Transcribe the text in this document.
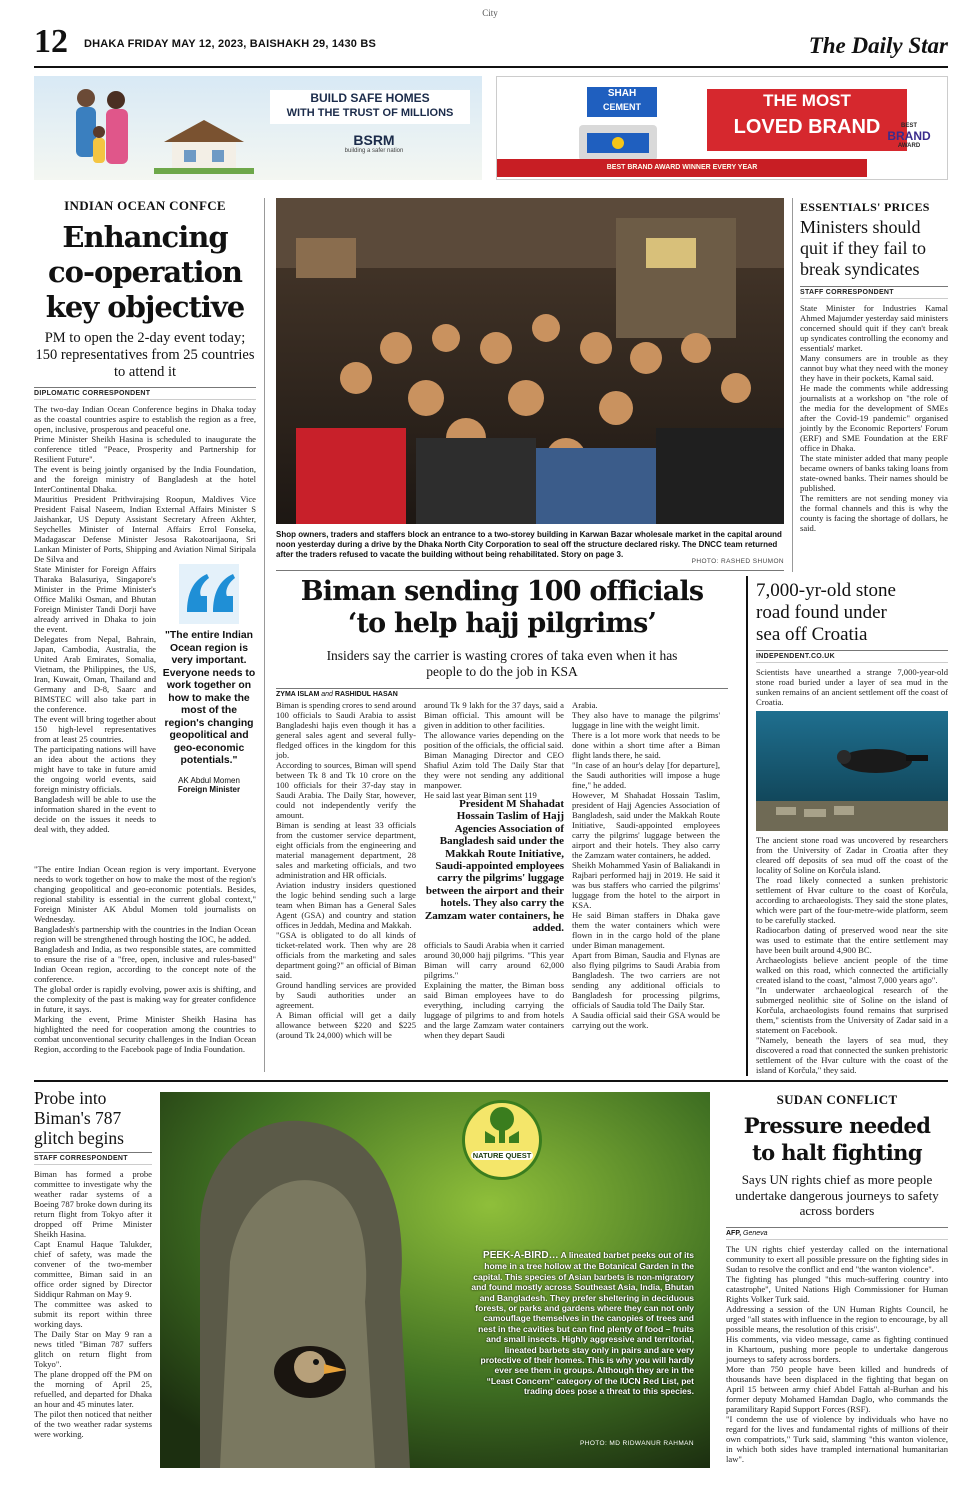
City
12 DHAKA FRIDAY MAY 12, 2023, BAISHAKH 29, 1430 BS	The Daily Star
BUILD SAFE HOMES
WITH THE TRUST OF MILLIONS
BSRM
building a safer nation
SHAH
CEMENT	THE MOST
LOVED BRAND
BEST BRAND AWARD WINNER EVERY YEAR
BEST
BRAND
AWARD
INDIAN OCEAN CONFCE
Enhancing
co-operation
key objective
PM to open the 2-day event today; 150 representatives from 25 countries to attend it
DIPLOMATIC CORRESPONDENT
The two-day Indian Ocean Conference begins in Dhaka today as the coastal countries aspire to establish the region as a free, open, inclusive, prosperous and peaceful one.
Prime Minister Sheikh Hasina is scheduled to inaugurate the conference titled "Peace, Prosperity and Partnership for Resilient Future".
The event is being jointly organised by the India Foundation, and the foreign ministry of Bangladesh at the hotel InterContinental Dhaka.
Mauritius President Prithvirajsing Roopun, Maldives Vice President Faisal Naseem, Indian External Affairs Minister S Jaishankar, US Deputy Assistant Secretary Afreen Akhter, Seychelles Minister of Internal Affairs Errol Fonseka, Madagascar Defense Minister Jesosa Rakotoarijaona, Sri Lankan Minister of Ports, Shipping and Aviation Nimal Siripala De Silva and
State Minister for Foreign Affairs Tharaka Balasuriya, Singapore's Minister in the Prime Minister's Office Maliki Osman, and Bhutan Foreign Minister Tandi Dorji have already arrived in Dhaka to join the event.
Delegates from Nepal, Bahrain, Japan, Cambodia, Australia, the United Arab Emirates, Somalia, Vietnam, the Philippines, the US, Iran, Kuwait, Oman, Thailand and Germany and D-8, Saarc and BIMSTEC will also take part in the conference.
The event will bring together about 150 high-level representatives from at least 25 countries.
The participating nations will have an idea about the actions they might have to take in future amid the ongoing world events, said foreign ministry officials.
Bangladesh will be able to use the information shared in the event to decide on the issues it needs to deal with, they added.
"The entire Indian Ocean region is very important. Everyone needs to work together on how to make the most of the region's changing geopolitical and geo-economic potentials."
AK Abdul Momen
Foreign Minister
"The entire Indian Ocean region is very important. Everyone needs to work together on how to make the most of the region's changing geopolitical and geo-economic potentials. Besides, regional stability is essential in the current global context," Foreign Minister AK Abdul Momen told journalists on Wednesday.
Bangladesh's partnership with the countries in the Indian Ocean region will be strengthened through hosting the IOC, he added.
Bangladesh and India, as two responsible states, are committed to ensure the rise of a "free, open, inclusive and rules-based" Indian Ocean region, according to the concept note of the conference.
The global order is rapidly evolving, power axis is shifting, and the complexity of the past is making way for greater confidence in future, it says.
Marking the event, Prime Minister Sheikh Hasina has highlighted the need for cooperation among the countries to combat unconventional security challenges in the Indian Ocean Region, according to the Facebook page of India Foundation.
Shop owners, traders and staffers block an entrance to a two-storey building in Karwan Bazar wholesale market in the capital around noon yesterday during a drive by the Dhaka North City Corporation to seal off the structure declared risky. The DNCC team returned after the traders refused to vacate the building without being rehabilitated. Story on page 3.
PHOTO: RASHED SHUMON
ESSENTIALS' PRICES
Ministers should
quit if they fail to
break syndicates
STAFF CORRESPONDENT
State Minister for Industries Kamal Ahmed Majumder yesterday said ministers concerned should quit if they can't break up syndicates controlling the economy and essentials' market.
Many consumers are in trouble as they cannot buy what they need with the money they have in their pockets, Kamal said.
He made the comments while addressing journalists at a workshop on "the role of the media for the development of SMEs after the Covid-19 pandemic" organised jointly by the Economic Reporters' Forum (ERF) and SME Foundation at the ERF office in Dhaka.
The state minister added that many people became owners of banks taking loans from state-owned banks. Their names should be published.
The remitters are not sending money via the formal channels and this is why the county is facing the shortage of dollars, he said.
Biman sending 100 officials
‘to help hajj pilgrims’
Insiders say the carrier is wasting crores of taka even when it has people to do the job in KSA
ZYMA ISLAM and RASHIDUL HASAN
Biman is spending crores to send around 100 officials to Saudi Arabia to assist Bangladeshi hajis even though it has a general sales agent and several fully-fledged offices in the kingdom for this job.
According to sources, Biman will spend between Tk 8 and Tk 10 crore on the 100 officials for their 37-day stay in Saudi Arabia. The Daily Star, however, could not independently verify the amount.
Biman is sending at least 33 officials from the customer service department, eight officials from the engineering and material management department, 28 sales and marketing officials, and two administration and HR officials.
Aviation industry insiders questioned the logic behind sending such a large team when Biman has a General Sales Agent (GSA) and country and station offices in Jeddah, Medina and Makkah.
"GSA is obligated to do all kinds of ticket-related work. Then why are 28 officials from the marketing and sales department going?" an official of Biman said.
Ground handling services are provided by Saudi authorities under an agreement.
A Biman official will get a daily allowance between $220 and $225 (around Tk 24,000) which will be
around Tk 9 lakh for the 37 days, said a Biman official. This amount will be given in addition to other facilities.
The allowance varies depending on the position of the officials, the official said.
Biman Managing Director and CEO Shafiul Azim told The Daily Star that they were not sending any additional manpower.
He said last year Biman sent 119
President M Shahadat Hossain Taslim of Hajj Agencies Association of Bangladesh said under the Makkah Route Initiative, Saudi-appointed employees carry the pilgrims' luggage between the airport and their hotels. They also carry the Zamzam water containers, he added.
officials to Saudi Arabia when it carried around 30,000 hajj pilgrims. "This year Biman will carry around 62,000 pilgrims."
Explaining the matter, the Biman boss said Biman employees have to do everything, including carrying the luggage of pilgrims to and from hotels and the large Zamzam water containers when they depart Saudi
Arabia.
They also have to manage the pilgrims' luggage in line with the weight limit.
There is a lot more work that needs to be done within a short time after a Biman flight lands there, he said.
"In case of an hour's delay [for departure], the Saudi authorities will impose a huge fine," he added.
However, M Shahadat Hossain Taslim, president of Hajj Agencies Association of Bangladesh, said under the Makkah Route Initiative, Saudi-appointed employees carry the pilgrims' luggage between the airport and their hotels. They also carry the Zamzam water containers, he added.
Sheikh Mohammed Yasin of Baliakandi in Rajbari performed hajj in 2019. He said it was bus staffers who carried the pilgrims' luggage from the hotel to the airport in KSA.
He said Biman staffers in Dhaka gave them the water containers which were flown in in the cargo hold of the plane under Biman management.
Apart from Biman, Saudia and Flynas are also flying pilgrims to Saudi Arabia from Bangladesh. The two carriers are not sending any additional officials to Bangladesh for processing pilgrims, officials of Saudia told The Daily Star.
A Saudia official said their GSA would be carrying out the work.
7,000-yr-old stone
road found under
sea off Croatia
INDEPENDENT.CO.UK
Scientists have unearthed a strange 7,000-year-old stone road buried under a layer of sea mud in the sunken remains of an ancient settlement off the coast of Croatia.
The ancient stone road was uncovered by researchers from the University of Zadar in Croatia after they cleared off deposits of sea mud off the coast of the locality of Soline on Korčula island.
The road likely connected a sunken prehistoric settlement of Hvar culture to the coast of Korčula, according to archaeologists. They said the stone plates, which were part of the four-metre-wide platform, seem to be carefully stacked.
Radiocarbon dating of preserved wood near the site was used to estimate that the entire settlement may have been built around 4,900 BC.
Archaeologists believe ancient people of the time walked on this road, which connected the artificially created island to the coast, "almost 7,000 years ago".
"In underwater archaeological research of the submerged neolithic site of Soline on the island of Korčula, archaeologists found remains that surprised them," scientists from the University of Zadar said in a statement on Facebook.
"Namely, beneath the layers of sea mud, they discovered a road that connected the sunken prehistoric settlement of the Hvar culture with the coast of the island of Korčula," they said.
Probe into
Biman's 787
glitch begins
STAFF CORRESPONDENT
Biman has formed a probe committee to investigate why the weather radar systems of a Boeing 787 broke down during its return flight from Tokyo after it dropped off Prime Minister Sheikh Hasina.
Capt Enamul Haque Talukder, chief of safety, was made the convener of the two-member committee, Biman said in an office order signed by Director Siddiqur Rahman on May 9.
The committee was asked to submit its report within three working days.
The Daily Star on May 9 ran a news titled "Biman 787 suffers glitch on return flight from Tokyo".
The plane dropped off the PM on the morning of April 25, refuelled, and departed for Dhaka an hour and 45 minutes later.
The pilot then noticed that neither of the two weather radar systems were working.
NATURE QUEST
PEEK-A-BIRD… A lineated barbet peeks out of its home in a tree hollow at the Botanical Garden in the capital. This species of Asian barbets is non-migratory and found mostly across Southeast Asia, India, Bhutan and Bangladesh. They prefer sheltering in deciduous forests, or parks and gardens where they can not only camouflage themselves in the canopies of trees and nest in the cavities but can find plenty of food – fruits and small insects. Highly aggressive and territorial, lineated barbets stay only in pairs and are very protective of their homes. This is why you will hardly ever see them in groups. Although they are in the “Least Concern” category of the IUCN Red List, pet trading does pose a threat to this species.
PHOTO: MD RIDWANUR RAHMAN
SUDAN CONFLICT
Pressure needed
to halt fighting
Says UN rights chief as more people undertake dangerous journeys to safety across borders
AFP, Geneva
The UN rights chief yesterday called on the international community to exert all possible pressure on the fighting sides in Sudan to resolve the conflict and end "the wanton violence".
The fighting has plunged "this much-suffering country into catastrophe", United Nations High Commissioner for Human Rights Volker Turk said.
Addressing a session of the UN Human Rights Council, he urged "all states with influence in the region to encourage, by all possible means, the resolution of this crisis".
His comments, via video message, came as fighting continued in Khartoum, pushing more people to undertake dangerous journeys to safety across borders.
More than 750 people have been killed and hundreds of thousands have been displaced in the fighting that began on April 15 between army chief Abdel Fattah al-Burhan and his former deputy Mohamed Hamdan Daglo, who commands the paramilitary Rapid Support Forces (RSF).
"I condemn the use of violence by individuals who have no regard for the lives and fundamental rights of millions of their own compatriots," Turk said, slamming "this wanton violence, in which both sides have trampled international humanitarian law".
